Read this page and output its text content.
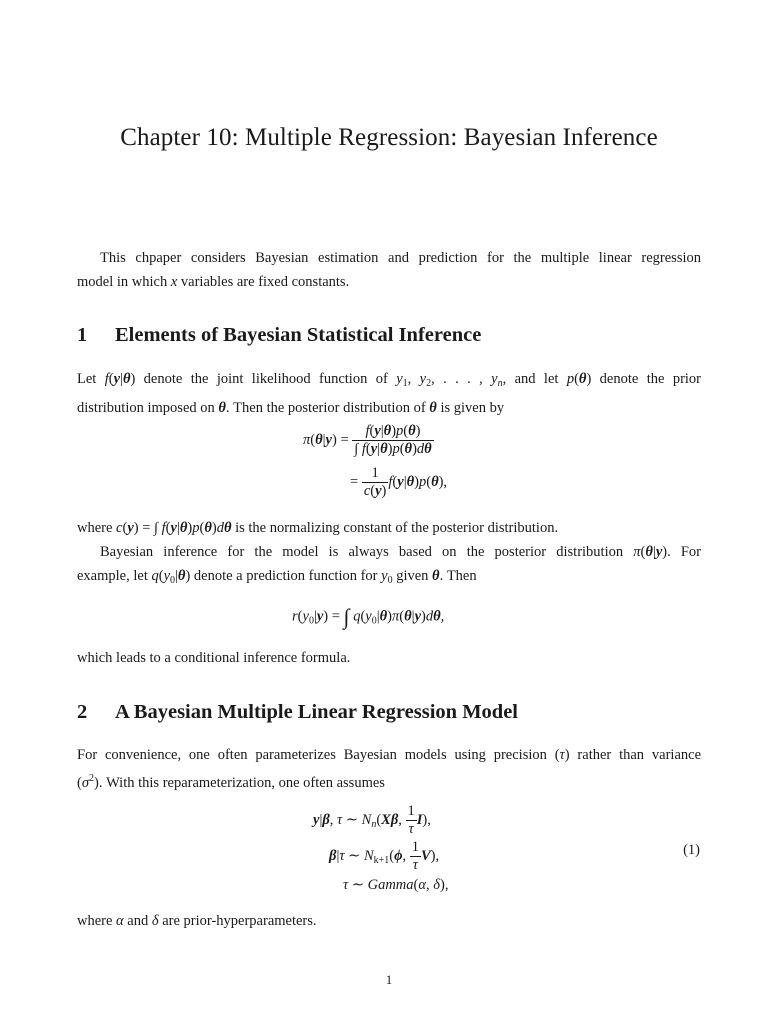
Chapter 10: Multiple Regression: Bayesian Inference
This chpaper considers Bayesian estimation and prediction for the multiple linear regression
model in which x variables are fixed constants.
1 Elements of Bayesian Statistical Inference
Let f(y|θ) denote the joint likelihood function of $y_1$, $y_2$, . . . , $y_n$, and let p(θ) denote the prior
distribution imposed on θ. Then the posterior distribution of θ is given by
$\pi(\theta|y) = \frac{f(y|\theta)p(\theta)}{\int f(y|\theta)p(\theta)d\theta}$
= $\frac{1}{c(y)} f(y|\theta)p(\theta)$,
where c(y) = ∫ f(y|θ)p(θ)dθ is the normalizing constant of the posterior distribution.
Bayesian inference for the model is always based on the posterior distribution π(θ|y). For
example, let $q(y_0|\theta)$ denote a prediction function for $y_0$ given θ. Then
$r(y_0|y)$ = ∫ $q(y_0|\theta)\pi(\theta|y)d\theta$,
which leads to a conditional inference formula.
2 A Bayesian Multiple Linear Regression Model
For convenience, one often parameterizes Bayesian models using precision (τ) rather than variance
$(\sigma^2)$. With this reparameterization, one often assumes
y|β, τ ∼ $N_n(X\beta$, $\frac{1}{\tau} I$),
β|τ ∼ $N_{k+1}(\phi$, $\frac{1}{\tau} V$),	(1)
τ ∼ Gamma(α, δ),
where α and δ are prior-hyperparameters.
1
